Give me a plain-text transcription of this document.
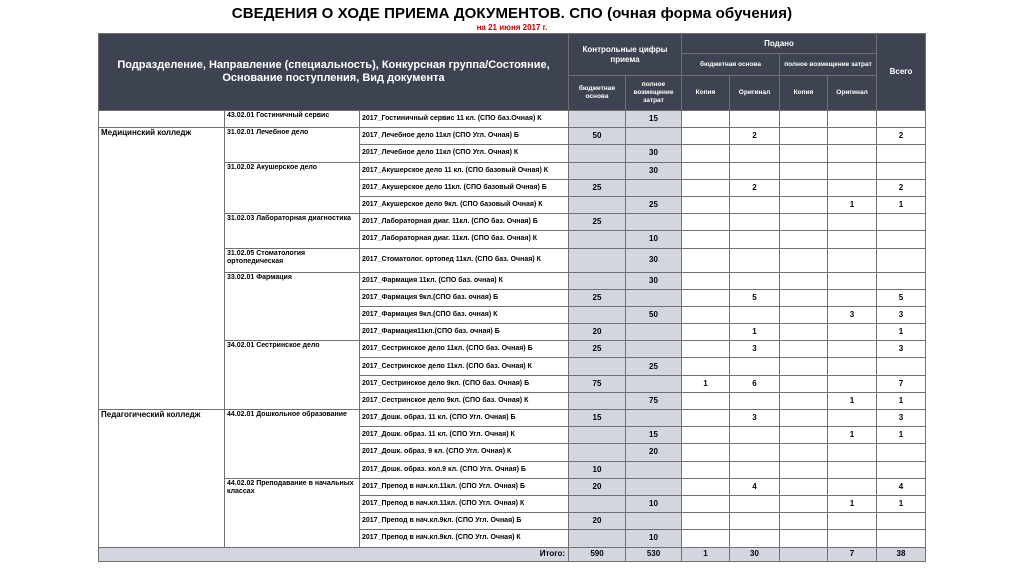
СВЕДЕНИЯ О ХОДЕ ПРИЕМА ДОКУМЕНТОВ. СПО (очная форма обучения)
на 21 июня 2017 г.
Подразделение, Направление (специальность), Конкурсная группа/Состояние, Основание поступления, Вид документа			Контрольные цифры приема		Подано				Всего
					бюджетная основа		полное возмещение затрат		
			бюджетная основа	полное возмещение затрат	Копия	Оригинал	Копия	Оригинал	
	43.02.01 Гостиничный сервис	2017_Гостиничный сервис 11 кл. (СПО баз.Очная) К		15					
Медицинский колледж	31.02.01 Лечебное дело	2017_Лечебное дело 11кл (СПО Угл. Очная) Б	50			2			2
		2017_Лечебное дело 11кл (СПО Угл. Очная) К		30					
	31.02.02 Акушерское дело	2017_Акушерское дело 11 кл. (СПО базовый Очная) К		30					
		2017_Акушерское дело 11кл. (СПО базовый Очная) Б	25			2			2
		2017_Акушерское дело 9кл. (СПО базовый Очная) К		25				1	1
	31.02.03 Лабораторная диагностика	2017_Лабораторная диаг. 11кл. (СПО баз. Очная) Б	25						
		2017_Лабораторная диаг. 11кл. (СПО баз. Очная) К		10					
	31.02.05 Стоматология ортопедическая	2017_Стоматолог. ортопед 11кл. (СПО баз. Очная) К		30					
	33.02.01 Фармация	2017_Фармация 11кл. (СПО баз. очная) К		30					
		2017_Фармация 9кл.(СПО баз. очная) Б	25			5			5
		2017_Фармация 9кл.(СПО баз. очная) К		50				3	3
		2017_Фармация11кл.(СПО баз. очная) Б	20			1			1
	34.02.01 Сестринское дело	2017_Сестринское дело 11кл. (СПО баз. Очная) Б	25			3			3
		2017_Сестринское дело 11кл. (СПО баз. Очная) К		25					
		2017_Сестринское дело 9кл. (СПО баз. Очная) Б	75		1	6			7
		2017_Сестринское дело 9кл. (СПО баз. Очная) К		75				1	1
Педагогический колледж	44.02.01 Дошкольное образование	2017_Дошк. образ. 11 кл. (СПО Угл. Очная) Б	15			3			3
		2017_Дошк. образ. 11 кл. (СПО Угл. Очная) К		15				1	1
		2017_Дошк. образ. 9 кл. (СПО Угл. Очная) К		20					
		2017_Дошк. образ. кол.9 кл. (СПО Угл. Очная) Б	10						
	44.02.02 Преподавание в начальных классах	2017_Препод в нач.кл.11кл. (СПО Угл. Очная) Б	20			4			4
		2017_Препод в нач.кл.11кл. (СПО Угл. Очная) К		10				1	1
		2017_Препод в нач.кл.9кл. (СПО Угл. Очная) Б	20						
		2017_Препод в нач.кл.9кл. (СПО Угл. Очная) К		10					
Итого:			590	530	1	30		7	38
